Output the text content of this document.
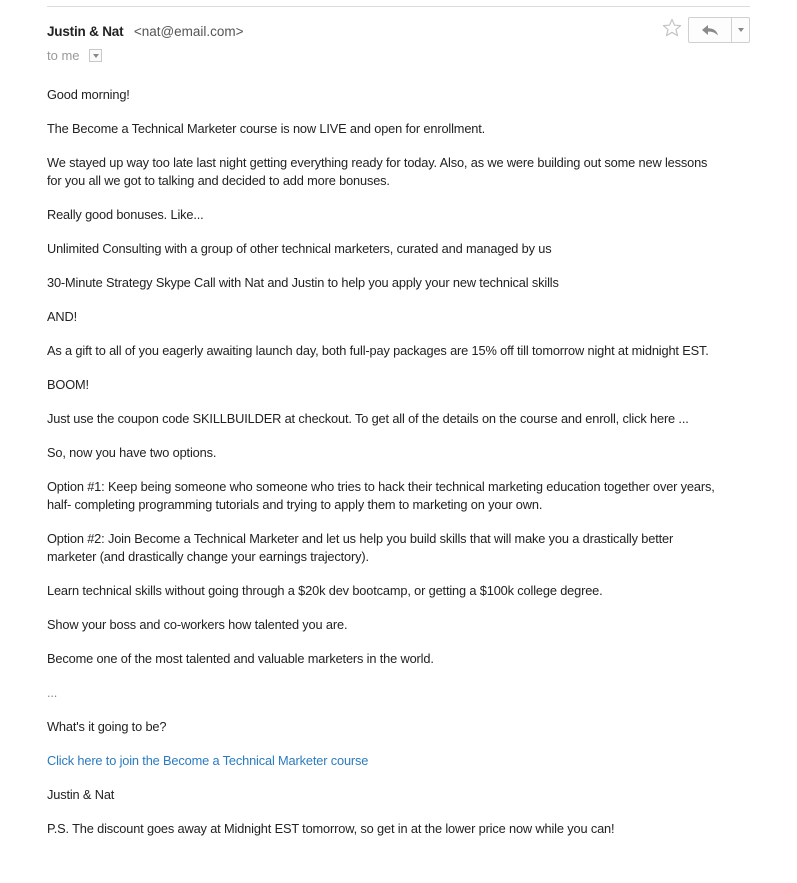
Justin & Nat <nat@email.com>
to me

Good morning!

The Become a Technical Marketer course is now LIVE and open for enrollment.

We stayed up way too late last night getting everything ready for today. Also, as we were building out some new lessons for you all we got to talking and decided to add more bonuses.

Really good bonuses. Like...

Unlimited Consulting with a group of other technical marketers, curated and managed by us

30-Minute Strategy Skype Call with Nat and Justin to help you apply your new technical skills

AND!

As a gift to all of you eagerly awaiting launch day, both full-pay packages are 15% off till tomorrow night at midnight EST.

BOOM!

Just use the coupon code SKILLBUILDER at checkout. To get all of the details on the course and enroll, click here ...

So, now you have two options.

Option #1: Keep being someone who someone who tries to hack their technical marketing education together over years, half- completing programming tutorials and trying to apply them to marketing on your own.

Option #2: Join Become a Technical Marketer and let us help you build skills that will make you a drastically better marketer (and drastically change your earnings trajectory).

Learn technical skills without going through a $20k dev bootcamp, or getting a $100k college degree.

Show your boss and co-workers how talented you are.

Become one of the most talented and valuable marketers in the world.

...

What's it going to be?

Click here to join the Become a Technical Marketer course

Justin & Nat

P.S. The discount goes away at Midnight EST tomorrow, so get in at the lower price now while you can!
